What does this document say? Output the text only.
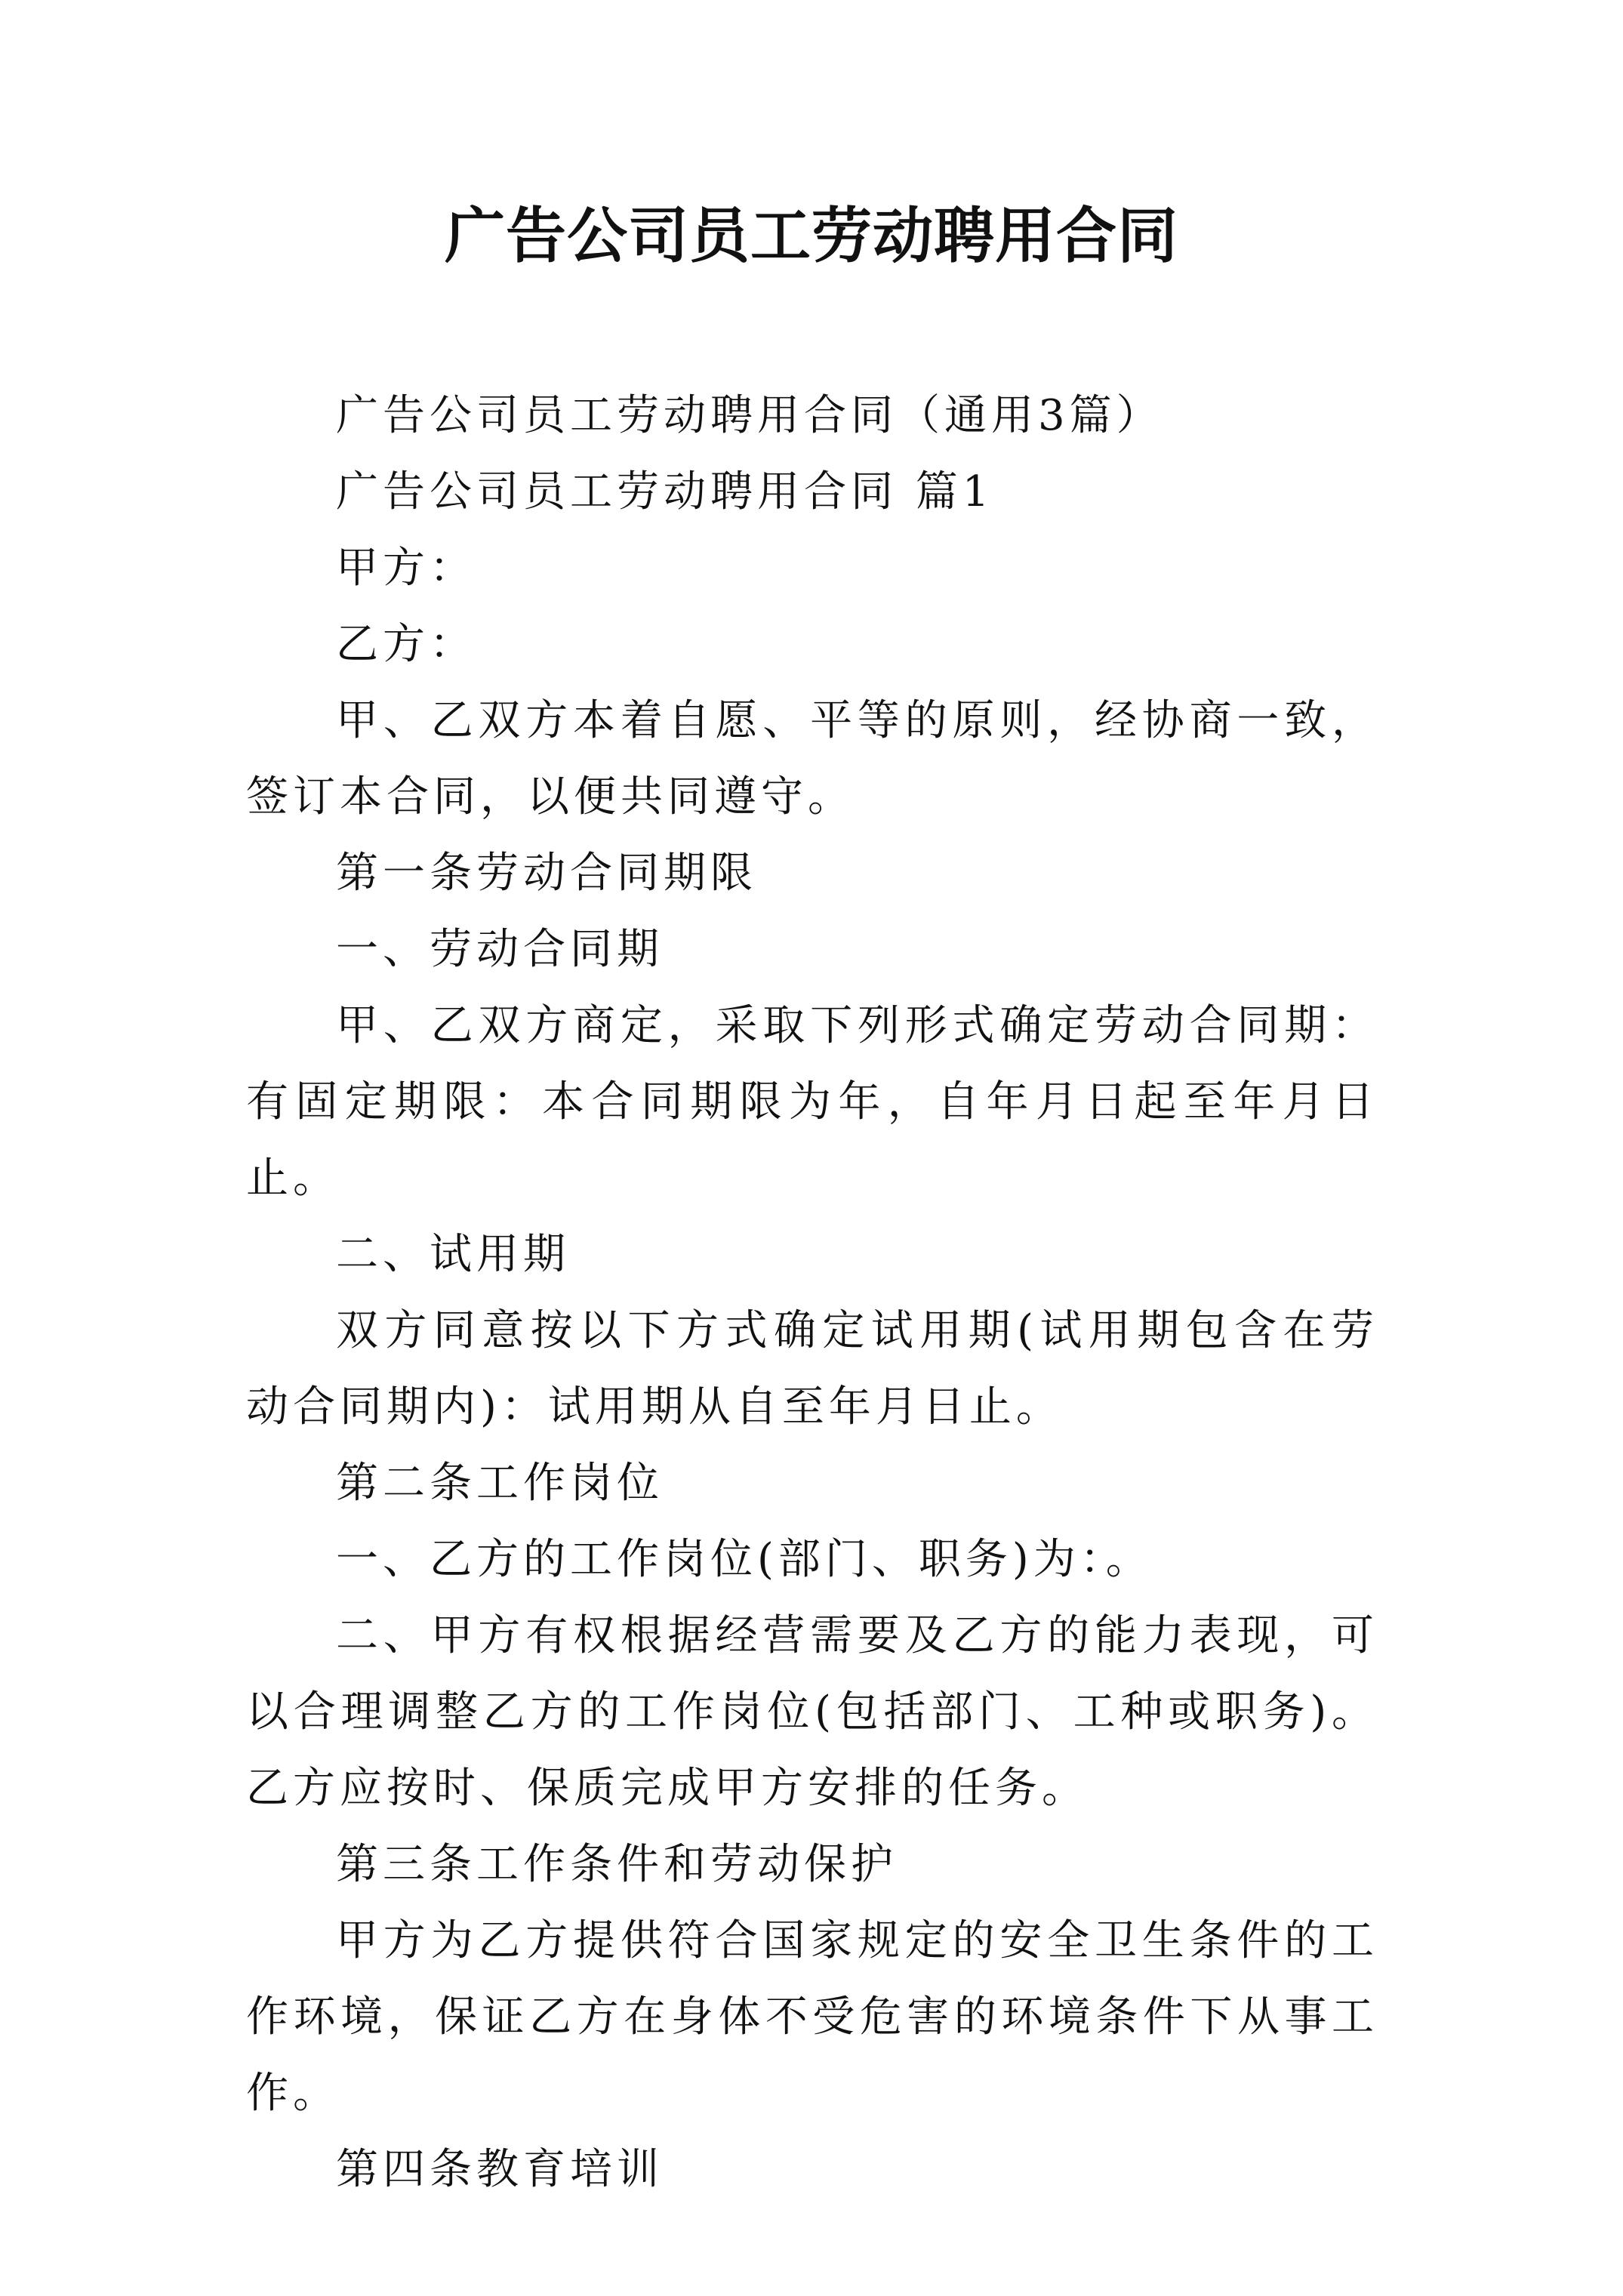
广告公司员工劳动聘用合同

广告公司员工劳动聘用合同（通用3篇）

广告公司员工劳动聘用合同 篇1

甲方：

乙方：

甲、乙双方本着自愿、平等的原则，经协商一致，签订本合同，以便共同遵守。

第一条劳动合同期限

一、劳动合同期

甲、乙双方商定，采取下列形式确定劳动合同期：有固定期限：本合同期限为年，自年月日起至年月日止。

二、试用期

双方同意按以下方式确定试用期(试用期包含在劳动合同期内)：试用期从自至年月日止。

第二条工作岗位

一、乙方的工作岗位(部门、职务)为：。

二、甲方有权根据经营需要及乙方的能力表现，可以合理调整乙方的工作岗位(包括部门、工种或职务)。乙方应按时、保质完成甲方安排的任务。

第三条工作条件和劳动保护

甲方为乙方提供符合国家规定的安全卫生条件的工作环境，保证乙方在身体不受危害的环境条件下从事工作。

第四条教育培训
